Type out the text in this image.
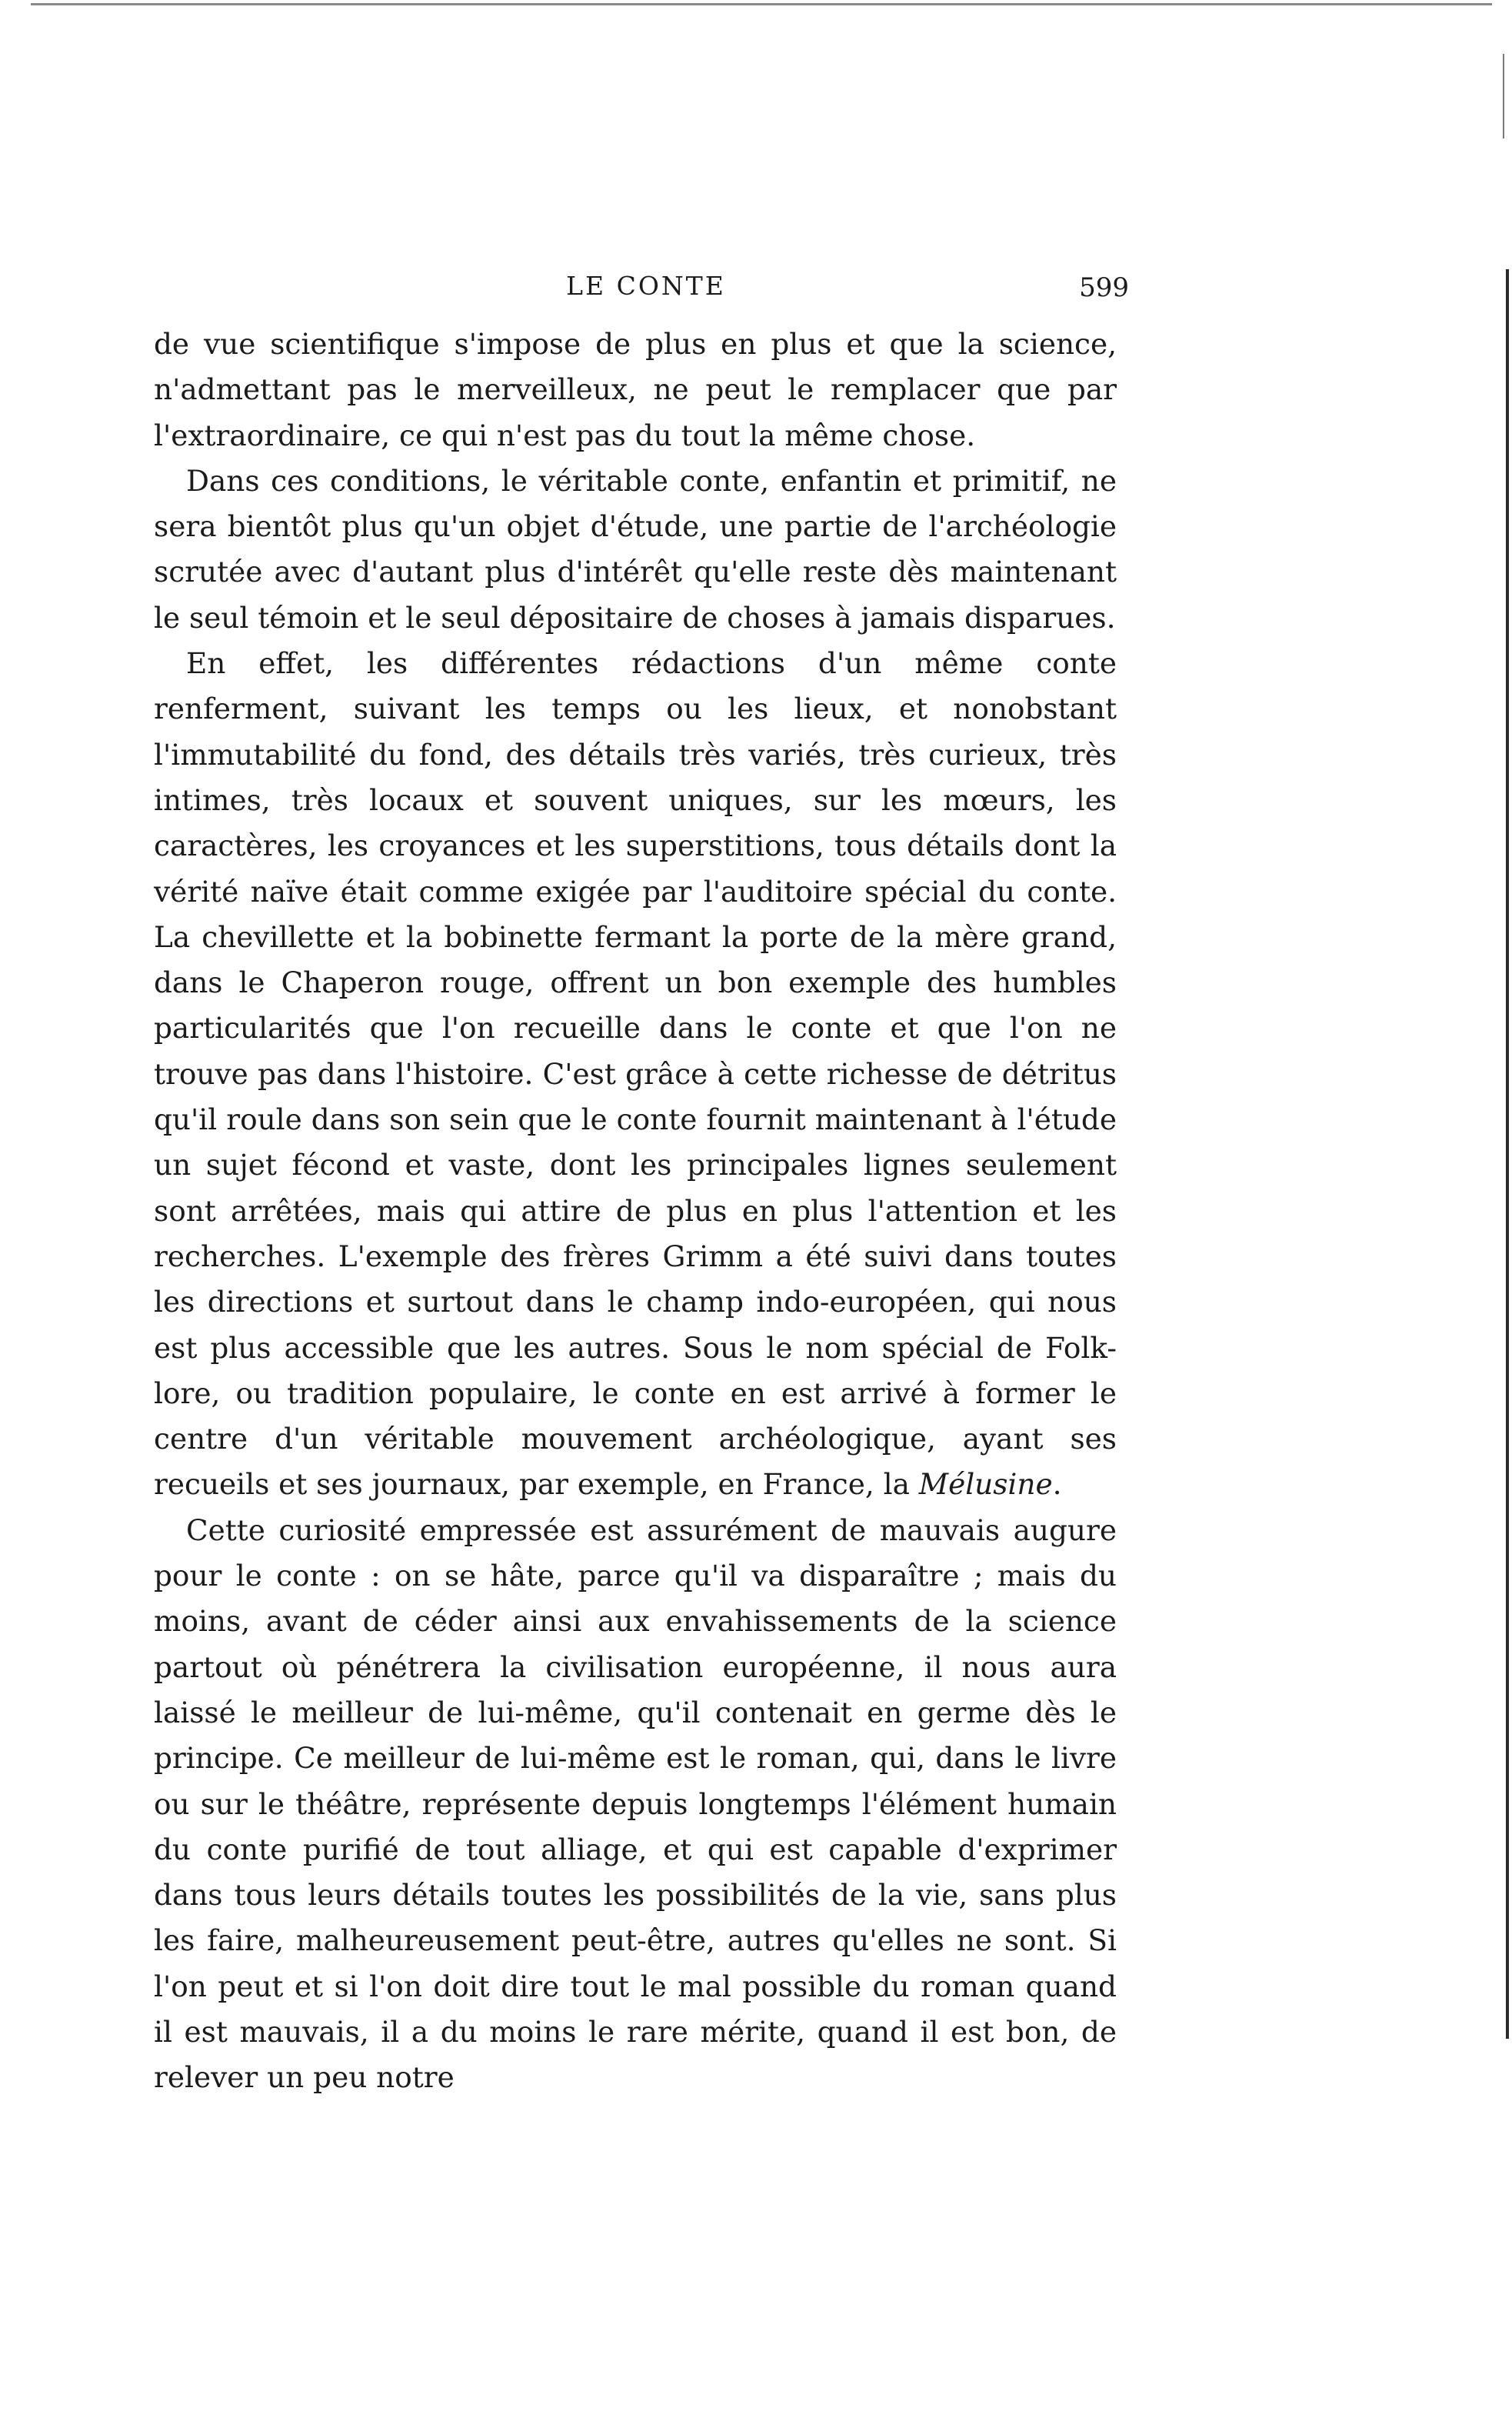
LE CONTE	599

de vue scientifique s'impose de plus en plus et que la science, n'admettant pas le merveilleux, ne peut le remplacer que par l'extraordinaire, ce qui n'est pas du tout la même chose.

Dans ces conditions, le véritable conte, enfantin et primitif, ne sera bientôt plus qu'un objet d'étude, une partie de l'archéologie scrutée avec d'autant plus d'intérêt qu'elle reste dès maintenant le seul témoin et le seul dépositaire de choses à jamais disparues.

En effet, les différentes rédactions d'un même conte renferment, suivant les temps ou les lieux, et nonobstant l'immutabilité du fond, des détails très variés, très curieux, très intimes, très locaux et souvent uniques, sur les mœurs, les caractères, les croyances et les superstitions, tous détails dont la vérité naïve était comme exigée par l'auditoire spécial du conte. La chevillette et la bobinette fermant la porte de la mère grand, dans le Chaperon rouge, offrent un bon exemple des humbles particularités que l'on recueille dans le conte et que l'on ne trouve pas dans l'histoire. C'est grâce à cette richesse de détritus qu'il roule dans son sein que le conte fournit maintenant à l'étude un sujet fécond et vaste, dont les principales lignes seulement sont arrêtées, mais qui attire de plus en plus l'attention et les recherches. L'exemple des frères Grimm a été suivi dans toutes les directions et surtout dans le champ indo-européen, qui nous est plus accessible que les autres. Sous le nom spécial de Folk-lore, ou tradition populaire, le conte en est arrivé à former le centre d'un véritable mouvement archéologique, ayant ses recueils et ses journaux, par exemple, en France, la Mélusine.

Cette curiosité empressée est assurément de mauvais augure pour le conte : on se hâte, parce qu'il va disparaître ; mais du moins, avant de céder ainsi aux envahissements de la science partout où pénétrera la civilisation européenne, il nous aura laissé le meilleur de lui-même, qu'il contenait en germe dès le principe. Ce meilleur de lui-même est le roman, qui, dans le livre ou sur le théâtre, représente depuis longtemps l'élément humain du conte purifié de tout alliage, et qui est capable d'exprimer dans tous leurs détails toutes les possibilités de la vie, sans plus les faire, malheureusement peut-être, autres qu'elles ne sont. Si l'on peut et si l'on doit dire tout le mal possible du roman quand il est mauvais, il a du moins le rare mérite, quand il est bon, de relever un peu notre
